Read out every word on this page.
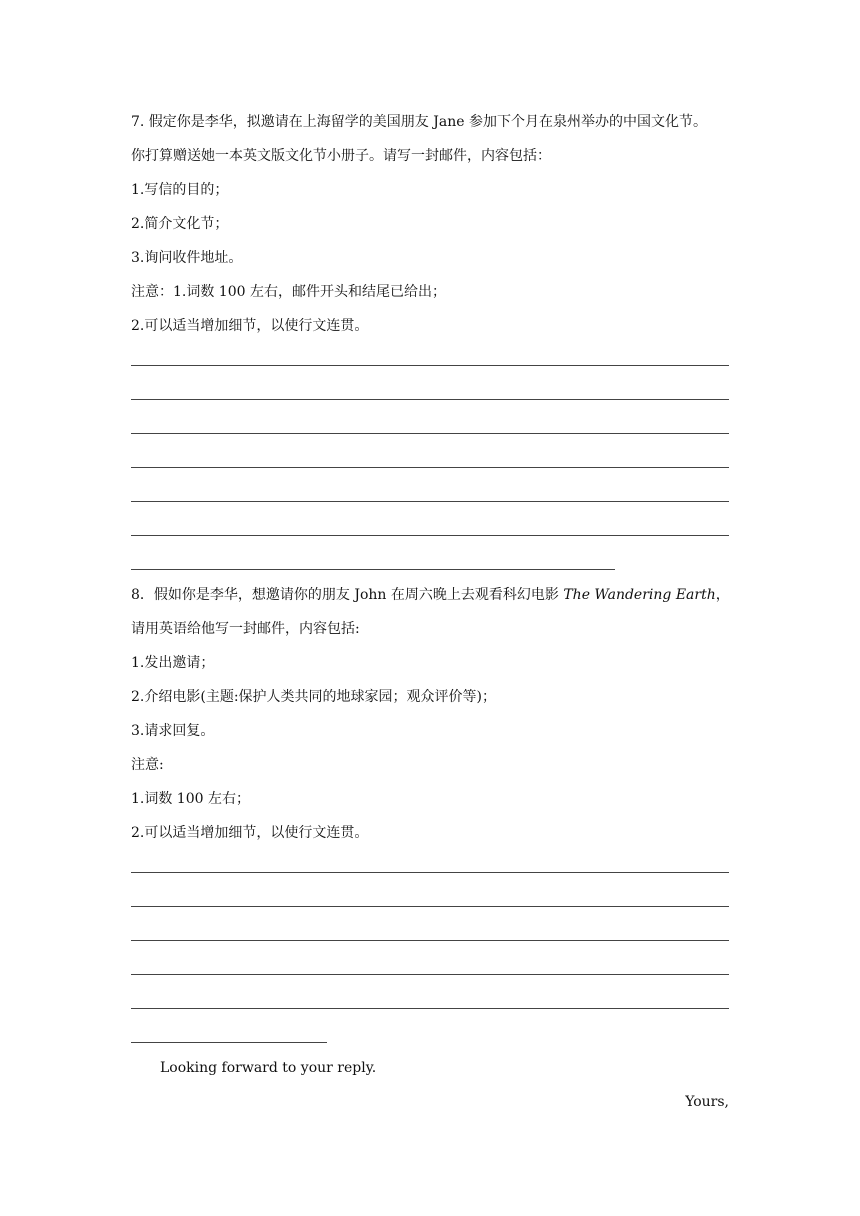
7. 假定你是李华，拟邀请在上海留学的美国朋友 Jane 参加下个月在泉州举办的中国文化节。
你打算赠送她一本英文版文化节小册子。请写一封邮件，内容包括：
1.写信的目的；
2.简介文化节；
3.询问收件地址。
注意：1.词数 100 左右，邮件开头和结尾已给出；
2.可以适当增加细节，以使行文连贯。
8．假如你是李华，想邀请你的朋友 John 在周六晚上去观看科幻电影 The Wandering Earth，
请用英语给他写一封邮件，内容包括:
1.发出邀请；
2.介绍电影(主题:保护人类共同的地球家园；观众评价等)；
3.请求回复。
注意:
1.词数 100 左右；
2.可以适当增加细节，以使行文连贯。
Looking forward to your reply.
Yours,
